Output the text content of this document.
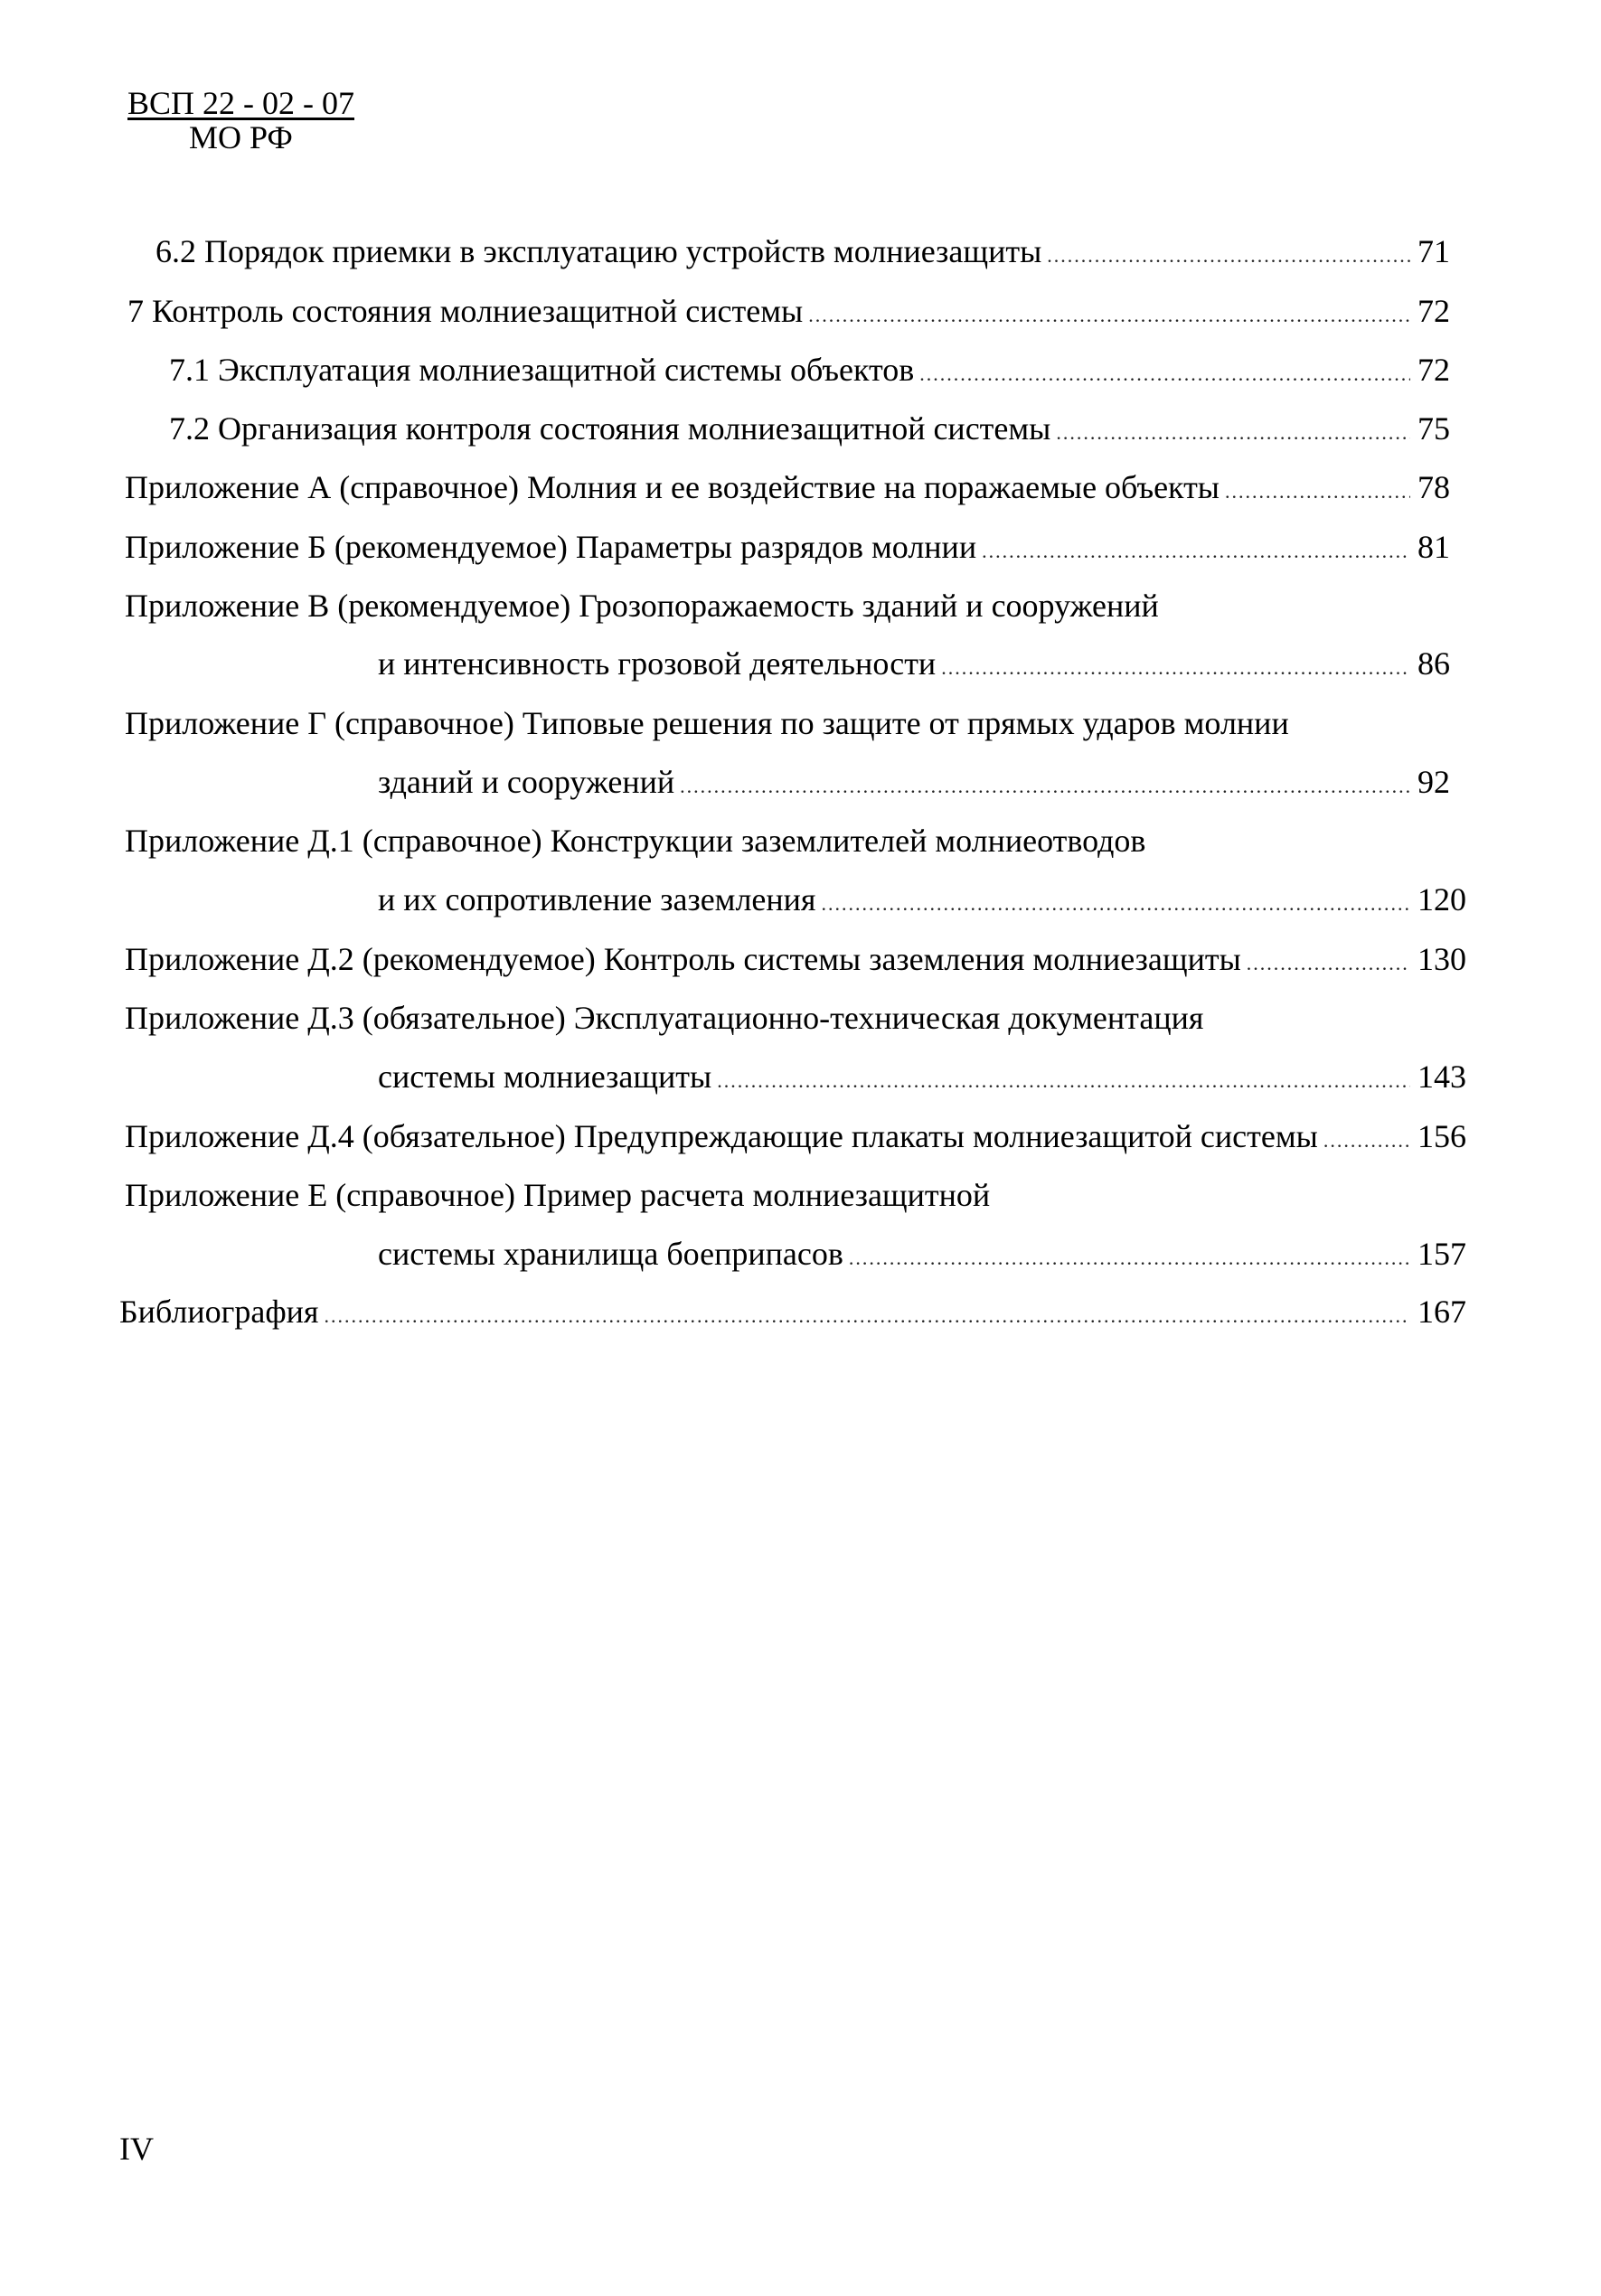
ВСП 22 - 02 - 07
МО РФ
6.2 Порядок приемки в эксплуатацию устройств молниезащиты .....	71
7 Контроль состояния молниезащитной системы .....	72
7.1 Эксплуатация молниезащитной системы объектов .....	72
7.2 Организация контроля состояния молниезащитной системы .....	75
Приложение А (справочное) Молния и ее воздействие на поражаемые объекты .....	78
Приложение Б (рекомендуемое) Параметры разрядов молнии .....	81
Приложение В (рекомендуемое) Грозопоражаемость зданий и сооружений
и интенсивность грозовой деятельности .....	86
Приложение Г (справочное) Типовые решения по защите от прямых ударов молнии
зданий и сооружений .....	92
Приложение Д.1 (справочное) Конструкции заземлителей молниеотводов
и их сопротивление заземления .....	120
Приложение Д.2 (рекомендуемое) Контроль системы заземления молниезащиты .....	130
Приложение Д.3 (обязательное) Эксплуатационно-техническая документация
системы молниезащиты .....	143
Приложение Д.4 (обязательное) Предупреждающие плакаты молниезащитой системы .....	156
Приложение Е (справочное) Пример расчета молниезащитной
системы хранилища боеприпасов .....	157
Библиография .....	167
IV
